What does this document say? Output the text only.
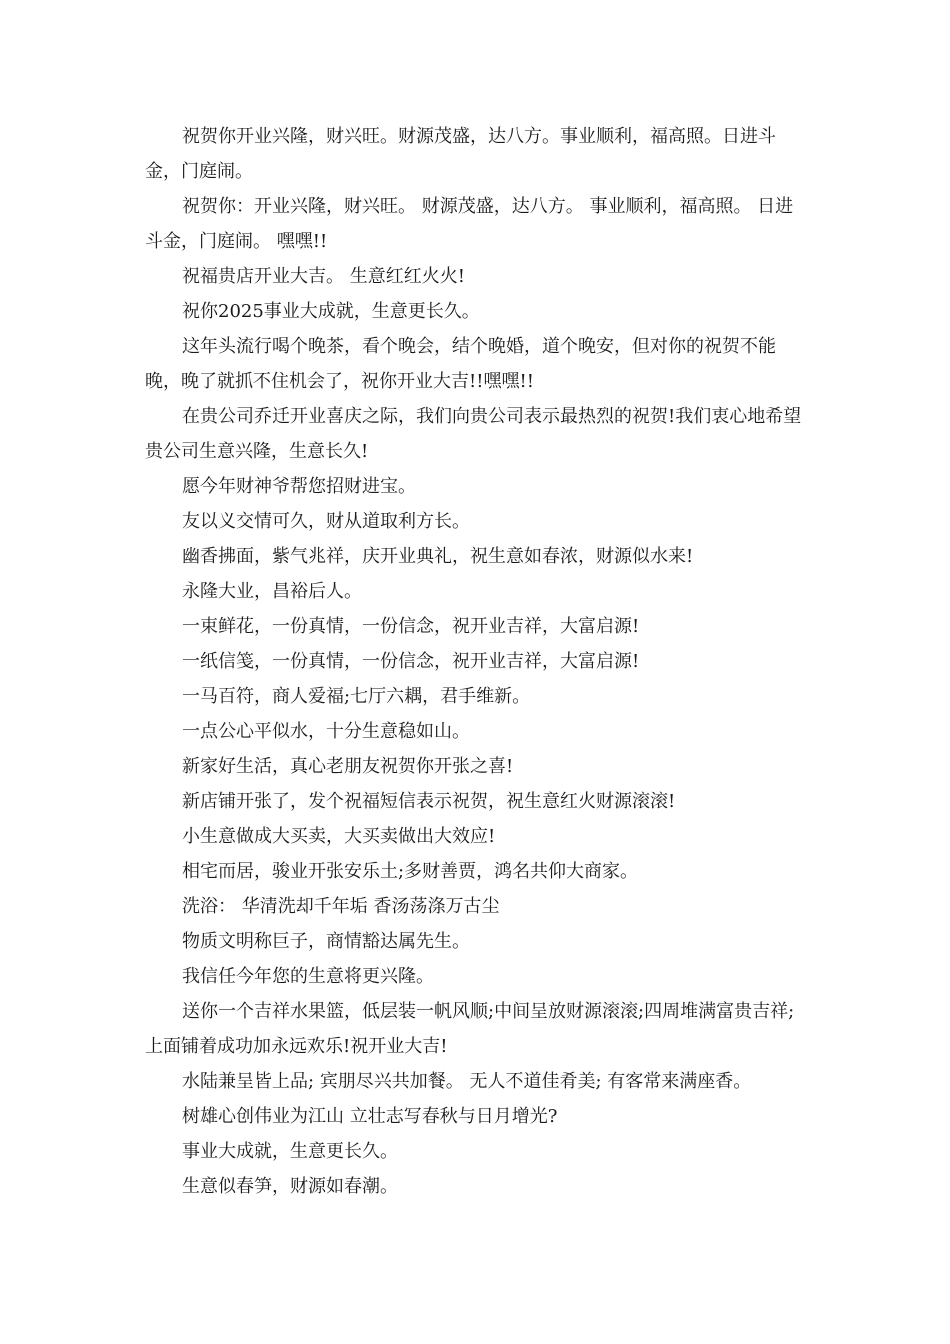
祝贺你开业兴隆，财兴旺。财源茂盛，达八方。事业顺利，福高照。日进斗金，门庭闹。

祝贺你：开业兴隆，财兴旺。 财源茂盛，达八方。 事业顺利，福高照。 日进斗金，门庭闹。 嘿嘿!!

祝福贵店开业大吉。 生意红红火火!

祝你2025事业大成就，生意更长久。

这年头流行喝个晚茶，看个晚会，结个晚婚，道个晚安，但对你的祝贺不能晚，晚了就抓不住机会了，祝你开业大吉!!嘿嘿!!

在贵公司乔迁开业喜庆之际，我们向贵公司表示最热烈的祝贺!我们衷心地希望贵公司生意兴隆，生意长久!

愿今年财神爷帮您招财进宝。

友以义交情可久，财从道取利方长。

幽香拂面，紫气兆祥，庆开业典礼，祝生意如春浓，财源似水来!

永隆大业，昌裕后人。

一束鲜花，一份真情，一份信念，祝开业吉祥，大富启源!

一纸信笺，一份真情，一份信念，祝开业吉祥，大富启源!

一马百符，商人爱福;七厅六耦，君手维新。

一点公心平似水，十分生意稳如山。

新家好生活，真心老朋友祝贺你开张之喜!

新店铺开张了，发个祝福短信表示祝贺，祝生意红火财源滚滚!

小生意做成大买卖，大买卖做出大效应!

相宅而居，骏业开张安乐土;多财善贾，鸿名共仰大商家。

洗浴： 华清洗却千年垢 香汤荡涤万古尘

物质文明称巨子，商情豁达属先生。

我信任今年您的生意将更兴隆。

送你一个吉祥水果篮，低层装一帆风顺;中间呈放财源滚滚;四周堆满富贵吉祥;上面铺着成功加永远欢乐!祝开业大吉!

水陆兼呈皆上品; 宾朋尽兴共加餐。 无人不道佳肴美; 有客常来满座香。

树雄心创伟业为江山 立壮志写春秋与日月增光?

事业大成就，生意更长久。

生意似春笋，财源如春潮。
